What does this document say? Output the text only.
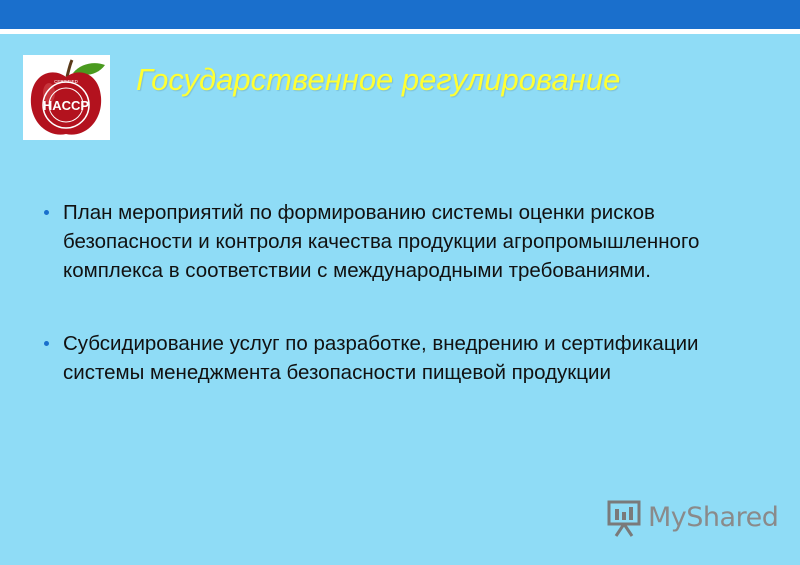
CERTIFIED
HACCP
Государственное регулирование
План мероприятий по формированию системы оценки рисков безопасности и контроля качества продукции агропромышленного комплекса в соответствии с международными требованиями.
Субсидирование услуг по разработке, внедрению и сертификации системы менеджмента безопасности пищевой продукции
MyShared
